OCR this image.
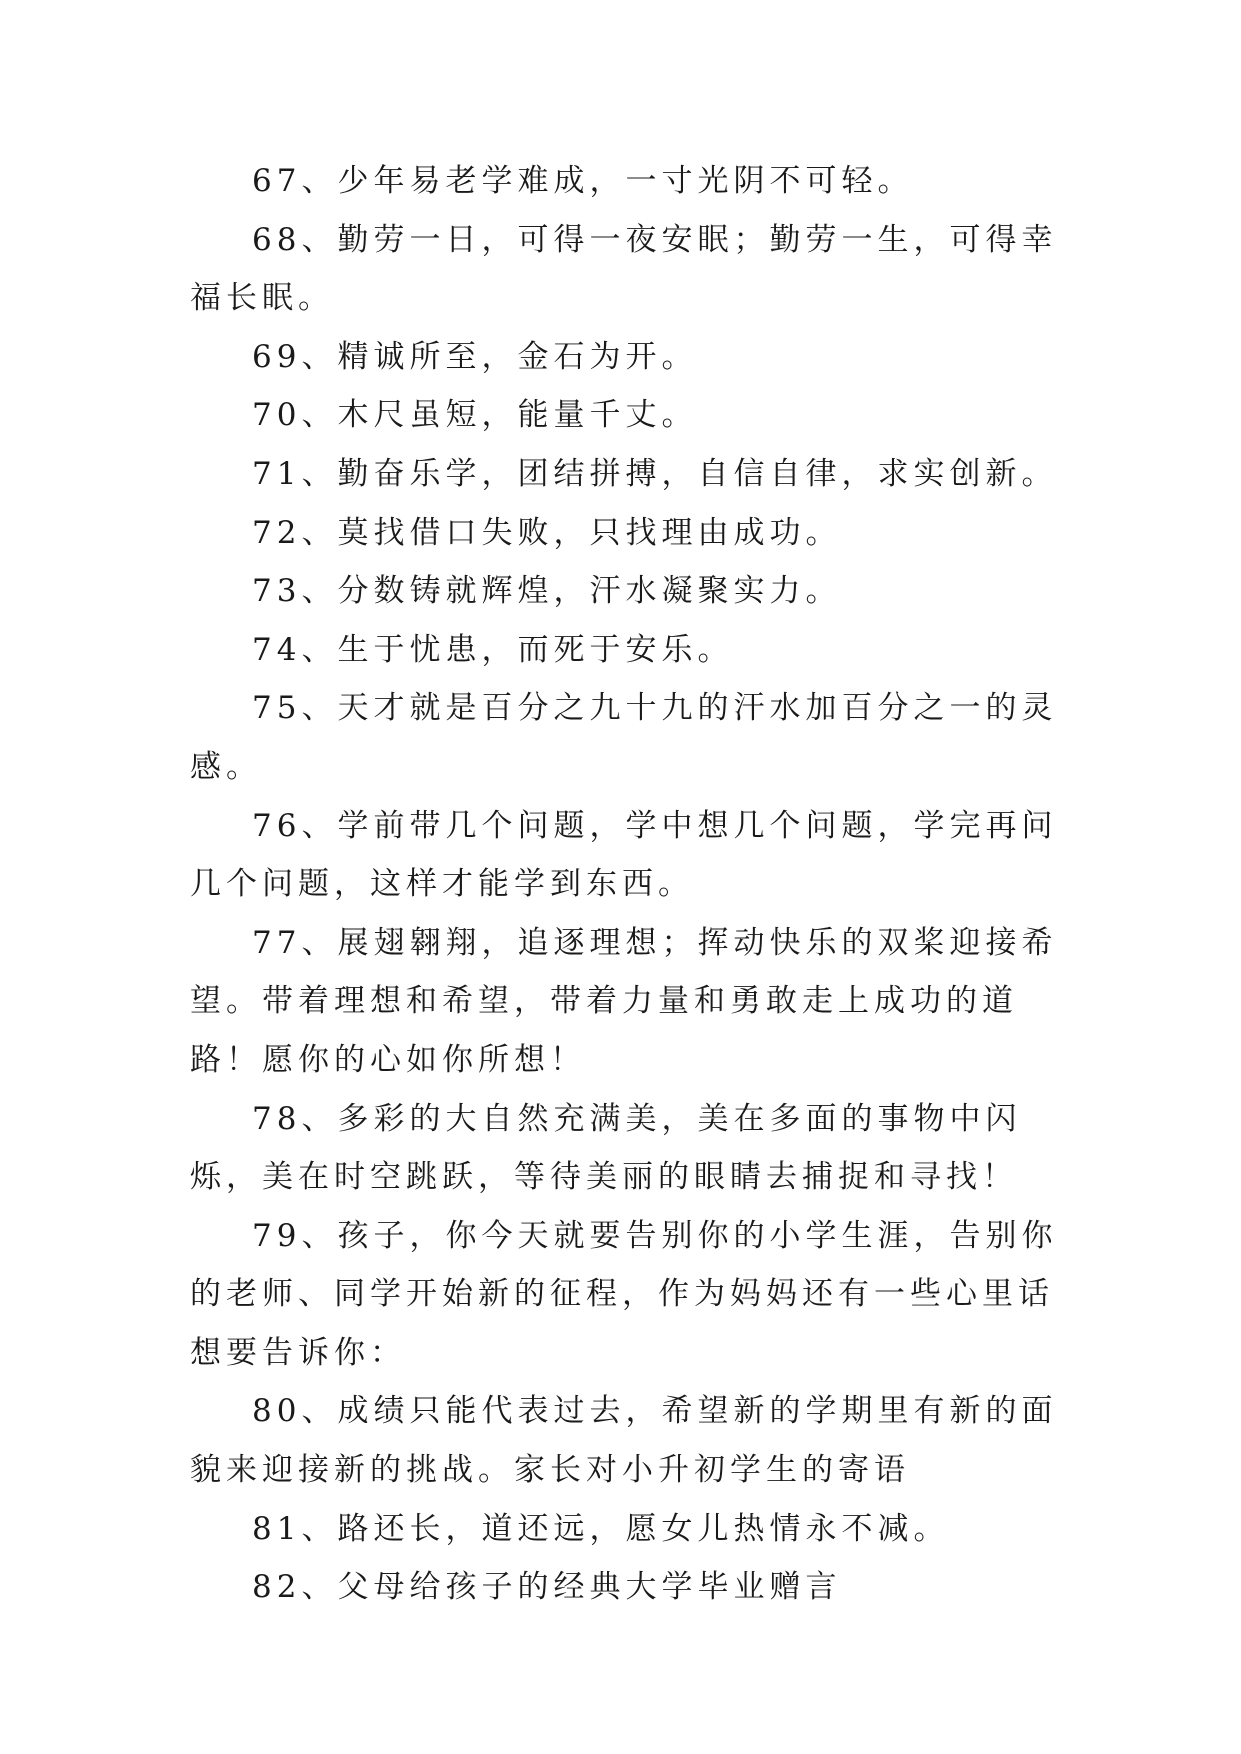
67、少年易老学难成，一寸光阴不可轻。

68、勤劳一日，可得一夜安眠；勤劳一生，可得幸福长眠。

69、精诚所至，金石为开。

70、木尺虽短，能量千丈。

71、勤奋乐学，团结拼搏，自信自律，求实创新。

72、莫找借口失败，只找理由成功。

73、分数铸就辉煌，汗水凝聚实力。

74、生于忧患，而死于安乐。

75、天才就是百分之九十九的汗水加百分之一的灵感。

76、学前带几个问题，学中想几个问题，学完再问几个问题，这样才能学到东西。

77、展翅翱翔，追逐理想；挥动快乐的双桨迎接希望。带着理想和希望，带着力量和勇敢走上成功的道路！愿你的心如你所想！

78、多彩的大自然充满美，美在多面的事物中闪烁，美在时空跳跃，等待美丽的眼睛去捕捉和寻找！

79、孩子，你今天就要告别你的小学生涯，告别你的老师、同学开始新的征程，作为妈妈还有一些心里话想要告诉你：

80、成绩只能代表过去，希望新的学期里有新的面貌来迎接新的挑战。家长对小升初学生的寄语

81、路还长，道还远，愿女儿热情永不减。

82、父母给孩子的经典大学毕业赠言
